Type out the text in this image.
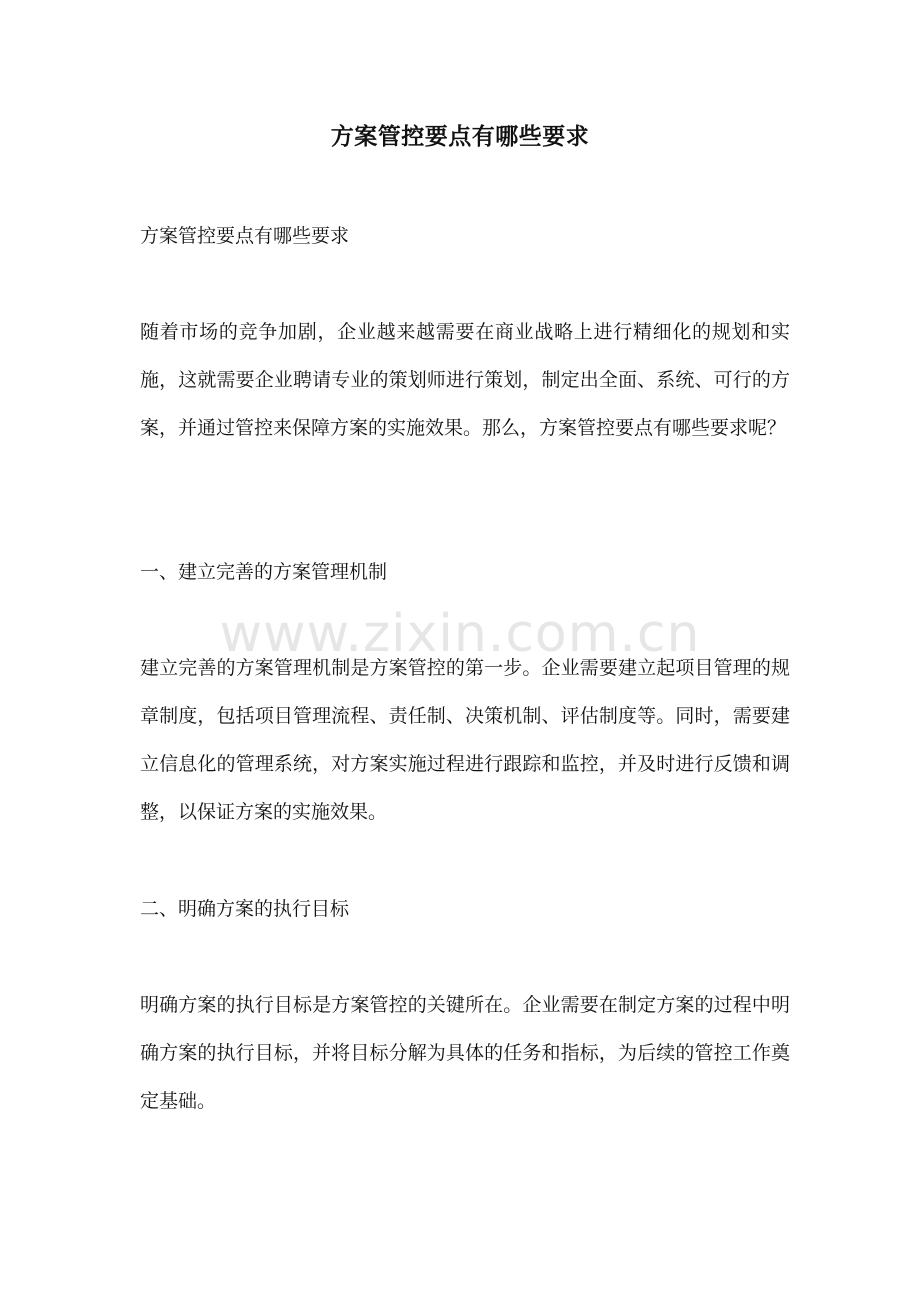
方案管控要点有哪些要求

方案管控要点有哪些要求

随着市场的竞争加剧，企业越来越需要在商业战略上进行精细化的规划和实施，这就需要企业聘请专业的策划师进行策划，制定出全面、系统、可行的方案，并通过管控来保障方案的实施效果。那么，方案管控要点有哪些要求呢？

一、建立完善的方案管理机制

建立完善的方案管理机制是方案管控的第一步。企业需要建立起项目管理的规章制度，包括项目管理流程、责任制、决策机制、评估制度等。同时，需要建立信息化的管理系统，对方案实施过程进行跟踪和监控，并及时进行反馈和调整，以保证方案的实施效果。

二、明确方案的执行目标

明确方案的执行目标是方案管控的关键所在。企业需要在制定方案的过程中明确方案的执行目标，并将目标分解为具体的任务和指标，为后续的管控工作奠定基础。

www.zixin.com.cn
